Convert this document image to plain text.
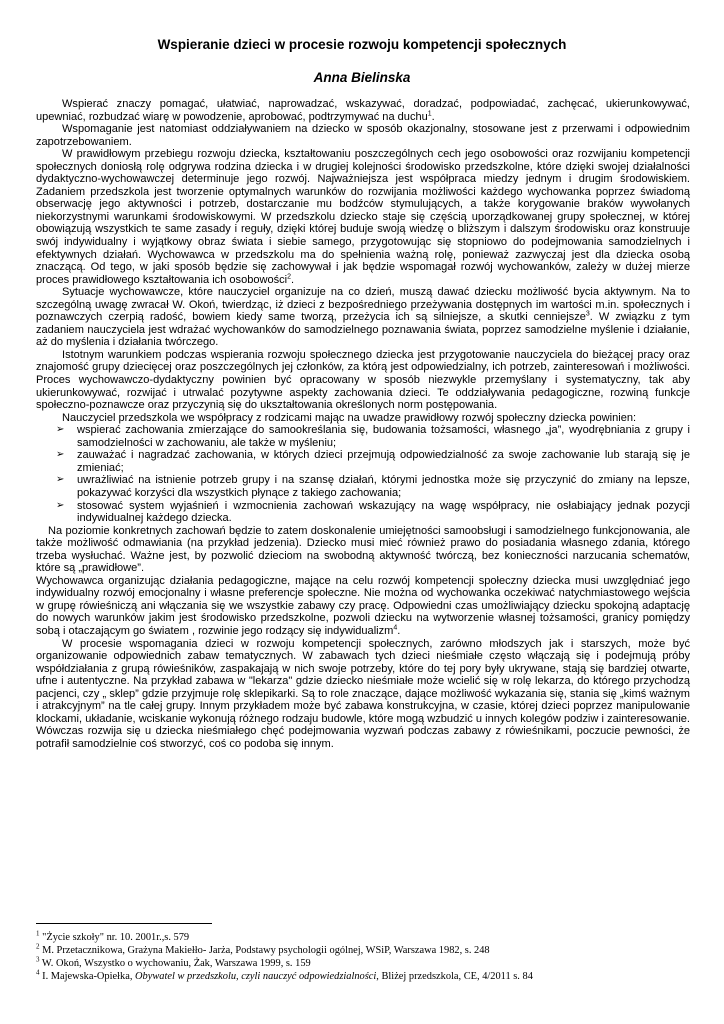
Wspieranie dzieci w procesie rozwoju kompetencji społecznych
Anna Bielinska

Wspierać znaczy pomagać, ułatwiać, naprowadzać, wskazywać, doradzać, podpowiadać, zachęcać, ukierunkowywać, upewniać, rozbudzać wiarę w powodzenie, aprobować, podtrzymywać na duchu$^1$.

Wspomaganie jest natomiast oddziaływaniem na dziecko w sposób okazjonalny, stosowane jest z przerwami i odpowiednim zapotrzebowaniem.

W prawidłowym przebiegu rozwoju dziecka, kształtowaniu poszczególnych cech jego osobowości oraz rozwijaniu kompetencji społecznych doniosłą rolę odgrywa rodzina dziecka i w drugiej kolejności środowisko przedszkolne, które dzięki swojej działalności dydaktyczno-wychowawczej determinuje jego rozwój. Najważniejsza jest współpraca miedzy jednym i drugim środowiskiem. Zadaniem przedszkola jest tworzenie optymalnych warunków do rozwijania możliwości każdego wychowanka poprzez świadomą obserwację jego aktywności i potrzeb, dostarczanie mu bodźców stymulujących, a także korygowanie braków wywołanych niekorzystnymi warunkami środowiskowymi. W przedszkolu dziecko staje się częścią uporządkowanej grupy społecznej, w której obowiązują wszystkich te same zasady i reguły, dzięki której buduje swoją wiedzę o bliższym i dalszym środowisku oraz konstruuje swój indywidualny i wyjątkowy obraz świata i siebie samego, przygotowując się stopniowo do podejmowania samodzielnych i efektywnych działań. Wychowawca w przedszkolu ma do spełnienia ważną rolę, ponieważ zazwyczaj jest dla dziecka osobą znaczącą. Od tego, w jaki sposób będzie się zachowywał i jak będzie wspomagał rozwój wychowanków, zależy w dużej mierze proces prawidłowego kształtowania ich osobowości$^2$.

Sytuacje wychowawcze, które nauczyciel organizuje na co dzień, muszą dawać dziecku możliwość bycia aktywnym. Na to szczególną uwagę zwracał W. Okoń, twierdząc, iż dzieci z bezpośredniego przeżywania dostępnych im wartości m.in. społecznych i poznawczych czerpią radość, bowiem kiedy same tworzą, przeżycia ich są silniejsze, a skutki cenniejsze$^3$. W związku z tym zadaniem nauczyciela jest wdrażać wychowanków do samodzielnego poznawania świata, poprzez samodzielne myślenie i działanie, aż do myślenia i działania twórczego.

Istotnym warunkiem podczas wspierania rozwoju społecznego dziecka jest przygotowanie nauczyciela do bieżącej pracy oraz znajomość grupy dziecięcej oraz poszczególnych jej członków, za którą jest odpowiedzialny, ich potrzeb, zainteresowań i możliwości. Proces wychowawczo-dydaktyczny powinien być opracowany w sposób niezwykle przemyślany i systematyczny, tak aby ukierunkowywać, rozwijać i utrwalać pozytywne aspekty zachowania dzieci. Te oddziaływania pedagogiczne, rozwiną funkcje społeczno-poznawcze oraz przyczynią się do ukształtowania określonych norm postępowania.

Nauczyciel przedszkola we współpracy z rodzicami mając na uwadze prawidłowy rozwój społeczny dziecka powinien:

➢ wspierać zachowania zmierzające do samookreślania się, budowania tożsamości, własnego „ja”, wyodrębniania z grupy i samodzielności w zachowaniu, ale także w myśleniu;
➢ zauważać i nagradzać zachowania, w których dzieci przejmują odpowiedzialność za swoje zachowanie lub starają się je zmieniać;
➢ uwrażliwiać na istnienie potrzeb grupy i na szansę działań, którymi jednostka może się przyczynić do zmiany na lepsze, pokazywać korzyści dla wszystkich płynące z takiego zachowania;
➢ stosować system wyjaśnień i wzmocnienia zachowań wskazujący na wagę współpracy, nie osłabiający jednak pozycji indywidualnej każdego dziecka.

Na poziomie konkretnych zachowań będzie to zatem doskonalenie umiejętności samoobsługi i samodzielnego funkcjonowania, ale także możliwość odmawiania (na przykład jedzenia). Dziecko musi mieć również prawo do posiadania własnego zdania, którego trzeba wysłuchać. Ważne jest, by pozwolić dzieciom na swobodną aktywność twórczą, bez konieczności narzucania schematów, które są „prawidłowe”.

Wychowawca organizując działania pedagogiczne, mające na celu rozwój kompetencji społeczny dziecka musi uwzględniać jego indywidualny rozwój emocjonalny i własne preferencje społeczne. Nie można od wychowanka oczekiwać natychmiastowego wejścia w grupę rówieśniczą ani włączania się we wszystkie zabawy czy pracę. Odpowiedni czas umożliwiający dziecku spokojną adaptację do nowych warunków jakim jest środowisko przedszkolne, pozwoli dziecku na wytworzenie własnej tożsamości, granicy pomiędzy sobą i otaczającym go światem , rozwinie jego rodzący się indywidualizm$^4$.

W procesie wspomagania dzieci w rozwoju kompetencji społecznych, zarówno młodszych jak i starszych, może być organizowanie odpowiednich zabaw tematycznych. W zabawach tych dzieci nieśmiałe często włączają się i podejmują próby współdziałania z grupą rówieśników, zaspakajają w nich swoje potrzeby, które do tej pory były ukrywane, stają się bardziej otwarte, ufne i autentyczne. Na przykład zabawa w "lekarza" gdzie dziecko nieśmiałe może wcielić się w rolę lekarza, do którego przychodzą pacjenci, czy „ sklep” gdzie przyjmuje rolę sklepikarki. Są to role znaczące, dające możliwość wykazania się, stania się „kimś ważnym i atrakcyjnym” na tle całej grupy. Innym przykładem może być zabawa konstrukcyjna, w czasie, której dzieci poprzez manipulowanie klockami, układanie, wciskanie wykonują różnego rodzaju budowle, które mogą wzbudzić u innych kolegów podziw i zainteresowanie. Wówczas rozwija się u dziecka nieśmiałego chęć podejmowania wyzwań podczas zabawy z rówieśnikami, poczucie pewności, że potrafił samodzielnie coś stworzyć, coś co podoba się innym.

$^1$ "Życie szkoły" nr. 10. 2001r.,s. 579
$^2$ M. Przetacznikowa, Grażyna Makiełło- Jarża, Podstawy psychologii ogólnej, WSiP, Warszawa 1982, s. 248
$^3$ W. Okoń, Wszystko o wychowaniu, Żak, Warszawa 1999, s. 159
$^4$ I. Majewska-Opiełka, Obywatel w przedszkolu, czyli nauczyć odpowiedzialności, Bliżej przedszkola, CE, 4/2011 s. 84
